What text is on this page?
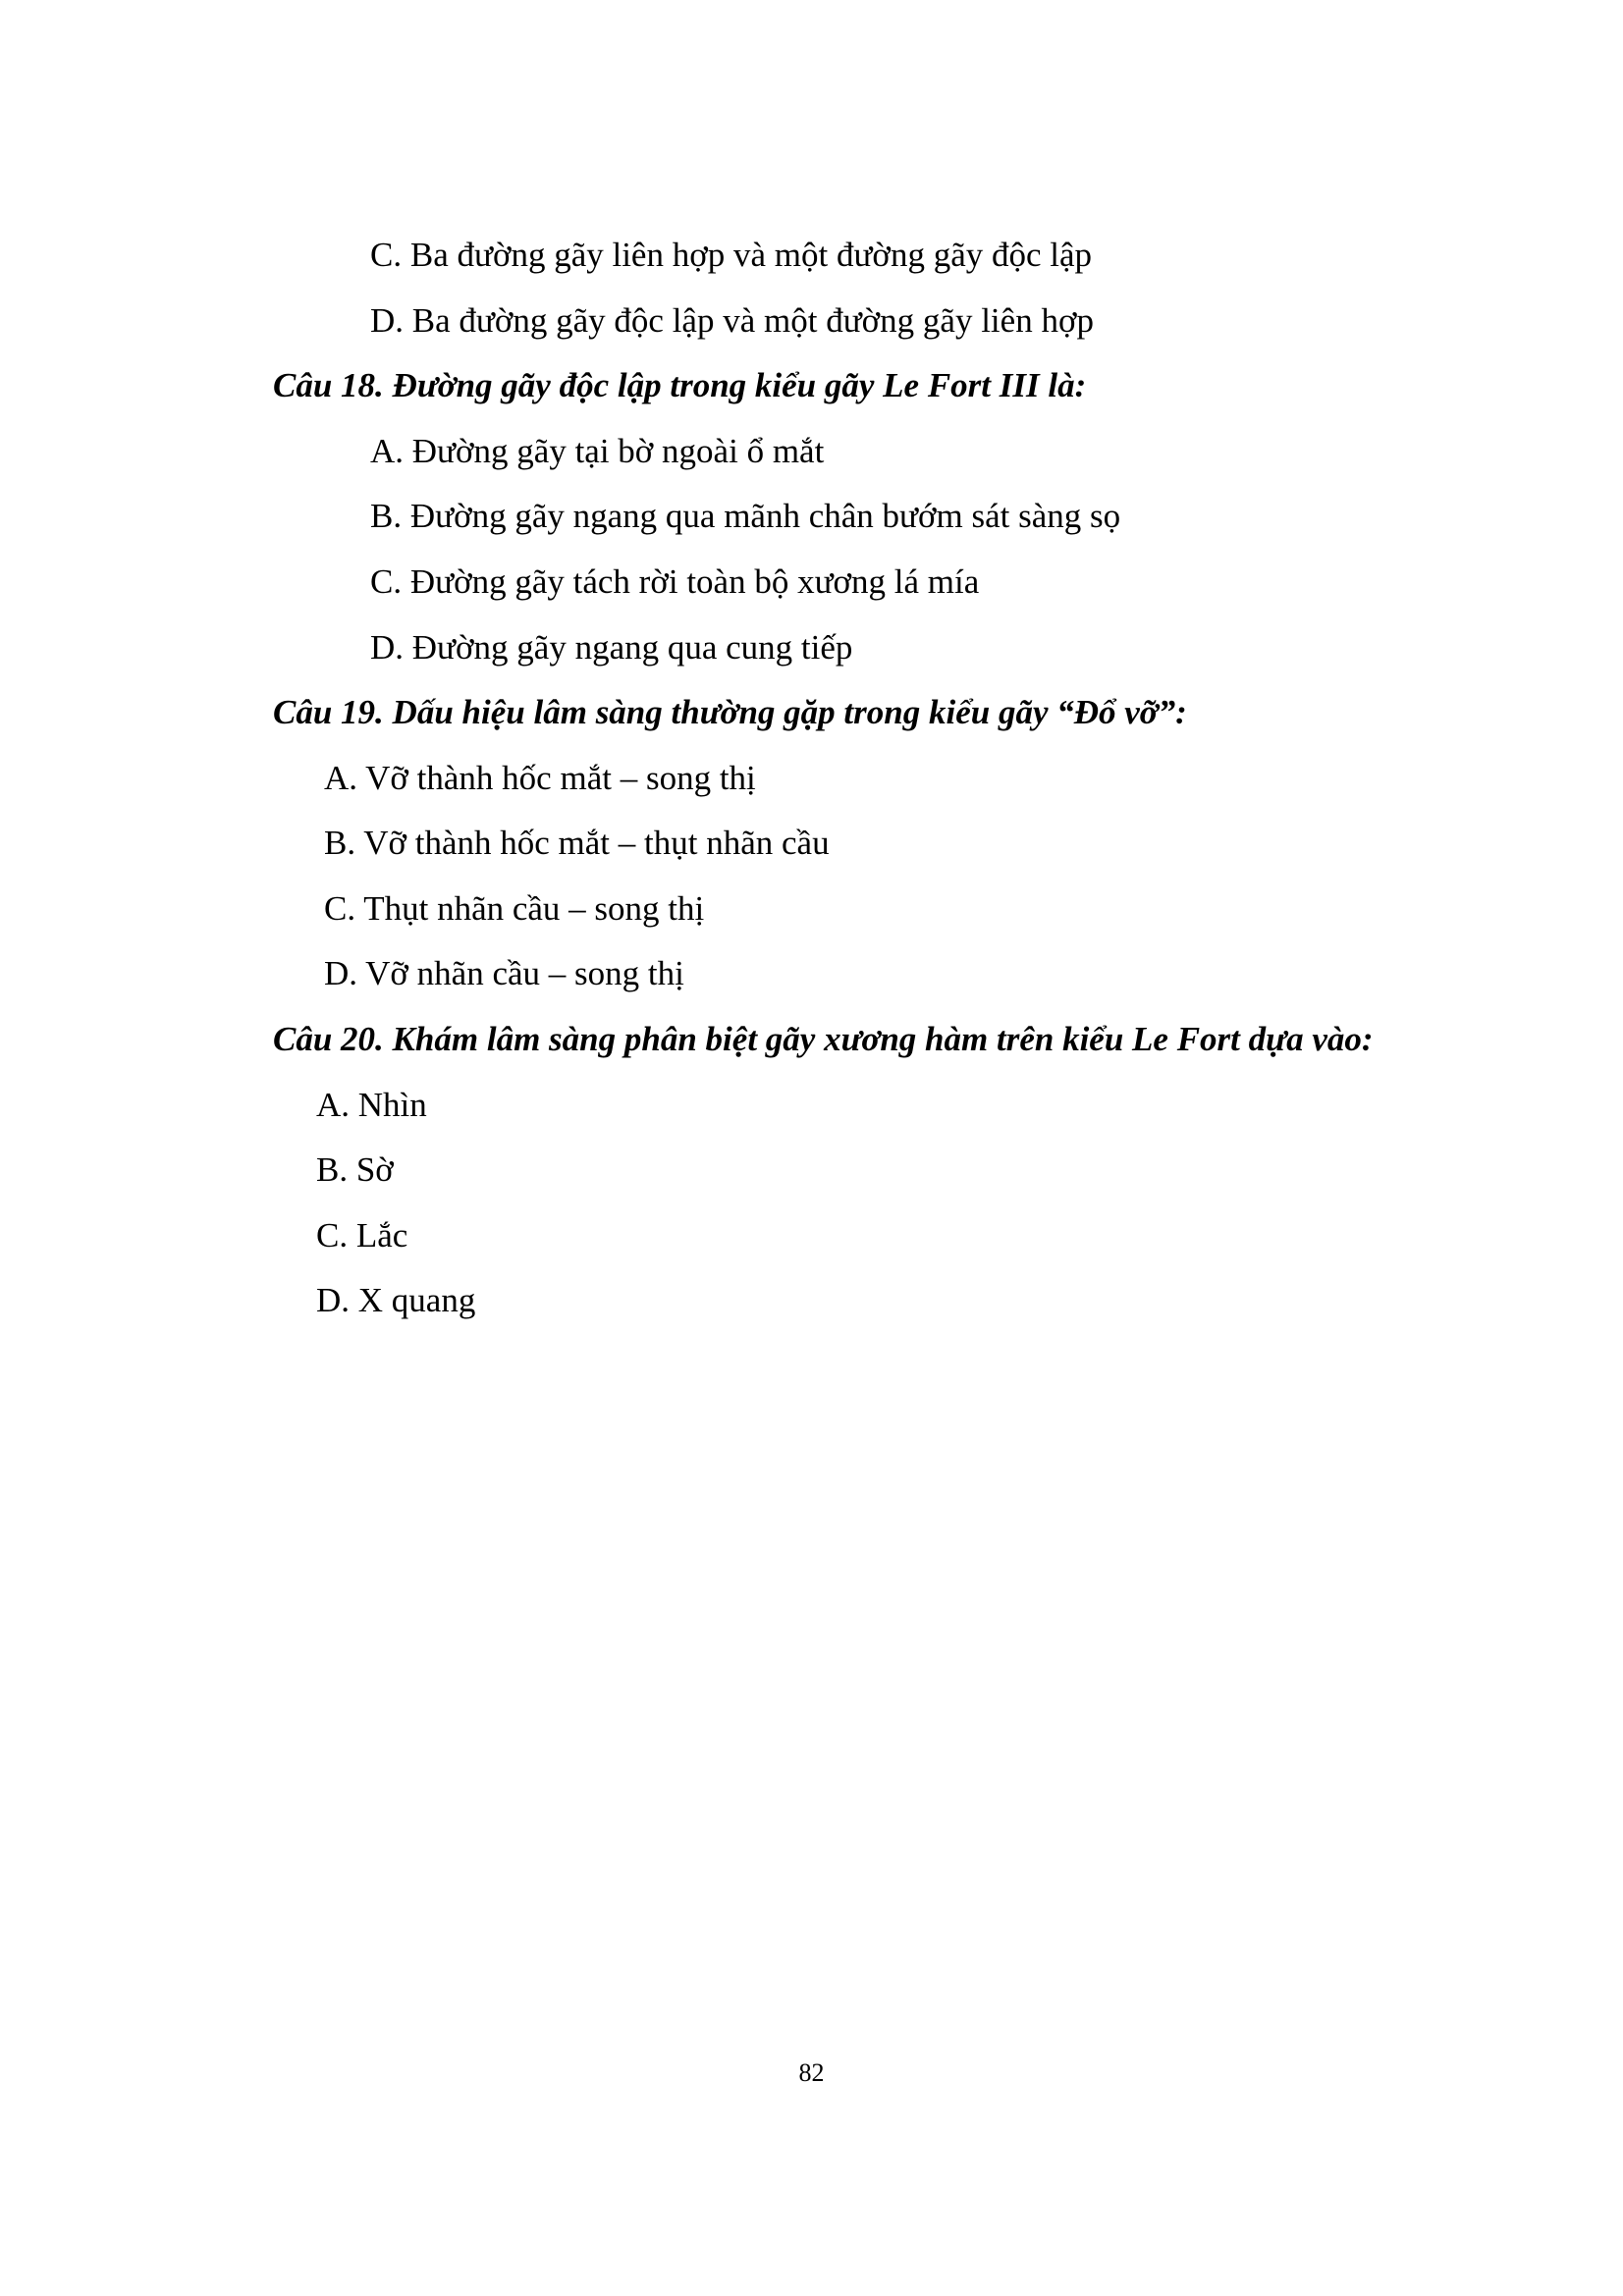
C. Ba đường gãy liên hợp và một đường gãy độc lập
D. Ba đường gãy độc lập và một đường gãy liên hợp
Câu 18. Đường gãy độc lập trong kiểu gãy Le Fort III là:
A. Đường gãy tại bờ ngoài ổ mắt
B. Đường gãy ngang qua mãnh chân bướm sát sàng sọ
C. Đường gãy tách rời toàn bộ xương lá mía
D. Đường gãy ngang qua cung tiếp
Câu 19. Dấu hiệu lâm sàng thường gặp trong kiểu gãy “Đổ vỡ”:
A. Vỡ thành hốc mắt – song thị
B. Vỡ thành hốc mắt – thụt nhãn cầu
C. Thụt nhãn cầu – song thị
D. Vỡ nhãn cầu – song thị
Câu 20. Khám lâm sàng phân biệt gãy xương hàm trên kiểu Le Fort dựa vào:
A. Nhìn
B. Sờ
C. Lắc
D. X quang
82
